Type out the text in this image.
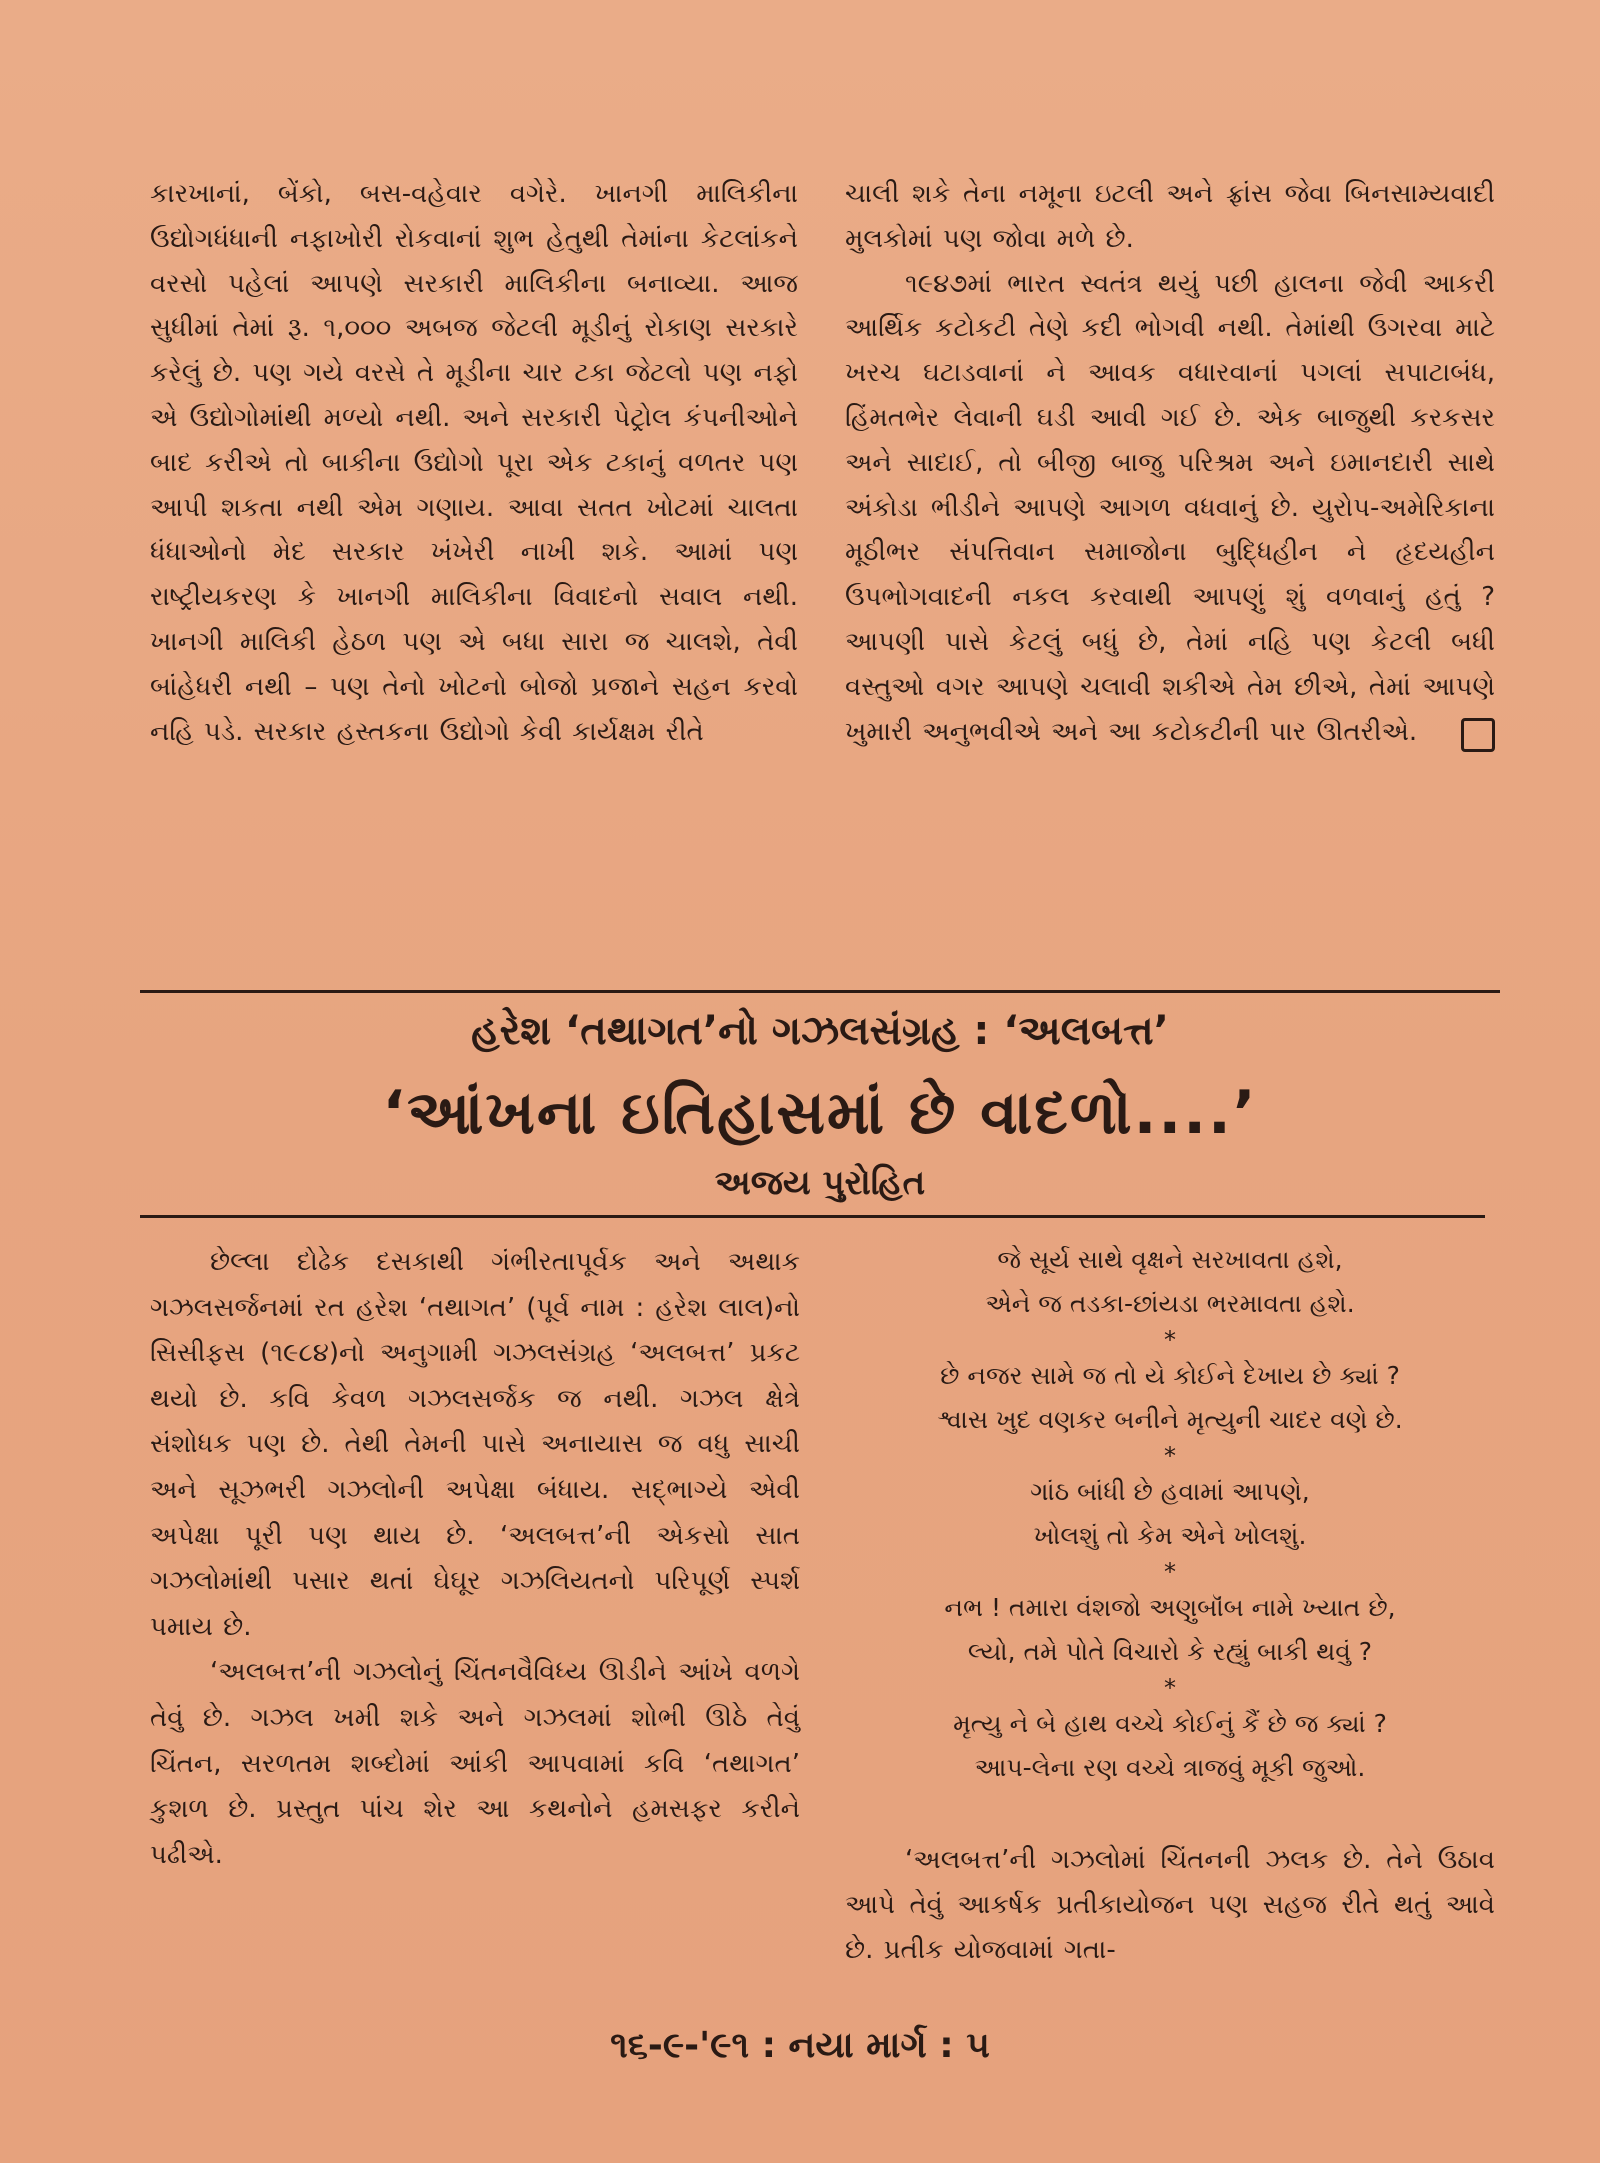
કારખાનાં, બેંકો, બસ-વહેવાર વગેરે. ખાનગી માલિકીના ઉદ્યોગધંધાની નફાખોરી રોકવાનાં શુભ હેતુથી તેમાંના કેટલાંકને વરસો પહેલાં આપણે સરકારી માલિકીના બનાવ્યા. આજ સુધીમાં તેમાં રૂ. ૧,૦૦૦ અબજ જેટલી મૂડીનું રોકાણ સરકારે કરેલું છે. પણ ગયે વરસે તે મૂડીના ચાર ટકા જેટલો પણ નફો એ ઉદ્યોગોમાંથી મળ્યો નથી. અને સરકારી પેટ્રોલ કંપનીઓને બાદ કરીએ તો બાકીના ઉદ્યોગો પૂરા એક ટકાનું વળતર પણ આપી શકતા નથી એમ ગણાય. આવા સતત ખોટમાં ચાલતા ધંધાઓનો મેદ સરકાર ખંખેરી નાખી શકે. આમાં પણ રાષ્ટ્રીયકરણ કે ખાનગી માલિકીના વિવાદનો સવાલ નથી. ખાનગી માલિકી હેઠળ પણ એ બધા સારા જ ચાલશે, તેવી બાંહેધરી નથી – પણ તેનો ખોટનો બોજો પ્રજાને સહન કરવો નહિ પડે. સરકાર હસ્તકના ઉદ્યોગો કેવી કાર્યક્ષમ રીતે

ચાલી શકે તેના નમૂના ઇટલી અને ફ્રાંસ જેવા બિનસામ્યવાદી મુલકોમાં પણ જોવા મળે છે.

૧૯૪૭માં ભારત સ્વતંત્ર થયું પછી હાલના જેવી આકરી આર્થિક કટોકટી તેણે કદી ભોગવી નથી. તેમાંથી ઉગરવા માટે ખરચ ઘટાડવાનાં ને આવક વધારવાનાં પગલાં સપાટાબંધ, હિંમતભેર લેવાની ઘડી આવી ગઈ છે. એક બાજુથી કરકસર અને સાદાઈ, તો બીજી બાજુ પરિશ્રમ અને ઇમાનદારી સાથે અંકોડા ભીડીને આપણે આગળ વધવાનું છે. યુરોપ-અમેરિકાના મૂઠીભર સંપત્તિવાન સમાજોના બુદ્ધિહીન ને હૃદયહીન ઉપભોગવાદની નકલ કરવાથી આપણું શું વળવાનું હતું ? આપણી પાસે કેટલું બધું છે, તેમાં નહિ પણ કેટલી બધી વસ્તુઓ વગર આપણે ચલાવી શકીએ તેમ છીએ, તેમાં આપણે ખુમારી અનુભવીએ અને આ કટોકટીની પાર ઊતરીએ.

હરેશ ‘તથાગત’નો ગઝલસંગ્રહ : ‘અલબત્ત’
‘આંખના ઇતિહાસમાં છે વાદળો....’
અજય પુરોહિત

છેલ્લા દોઢેક દસકાથી ગંભીરતાપૂર્વક અને અથાક ગઝલસર્જનમાં રત હરેશ ‘તથાગત’ (પૂર્વ નામ : હરેશ લાલ)નો સિસીફસ (૧૯૮૪)નો અનુગામી ગઝલસંગ્રહ ‘અલબત્ત’ પ્રકટ થયો છે. કવિ કેવળ ગઝલસર્જક જ નથી. ગઝલ ક્ષેત્રે સંશોધક પણ છે. તેથી તેમની પાસે અનાયાસ જ વધુ સાચી અને સૂઝભરી ગઝલોની અપેક્ષા બંધાય. સદ્ભાગ્યે એવી અપેક્ષા પૂરી પણ થાય છે. ‘અલબત્ત’ની એકસો સાત ગઝલોમાંથી પસાર થતાં ઘેઘૂર ગઝલિયતનો પરિપૂર્ણ સ્પર્શ પમાય છે.

‘અલબત્ત’ની ગઝલોનું ચિંતનવૈવિધ્ય ઊડીને આંખે વળગે તેવું છે. ગઝલ ખમી શકે અને ગઝલમાં શોભી ઊઠે તેવું ચિંતન, સરળતમ શબ્દોમાં આંકી આપવામાં કવિ ‘તથાગત’ કુશળ છે. પ્રસ્તુત પાંચ શેર આ કથનોને હમસફર કરીને પઢીએ.

જે સૂર્ય સાથે વૃક્ષને સરખાવતા હશે,
એને જ તડકા-છાંયડા ભરમાવતા હશે.
*
છે નજર સામે જ તો યે કોઈને દેખાય છે ક્યાં ?
શ્વાસ ખુદ વણકર બનીને મૃત્યુની ચાદર વણે છે.
*
ગાંઠ બાંધી છે હવામાં આપણે,
ખોલશું તો કેમ એને ખોલશું.
*
નભ ! તમારા વંશજો અણુબૉંબ નામે ખ્યાત છે,
લ્યો, તમે પોતે વિચારો કે રહ્યું બાકી થવું ?
*
મૃત્યુ ને બે હાથ વચ્ચે કોઈનું કૈં છે જ ક્યાં ?
આપ-લેના રણ વચ્ચે ત્રાજવું મૂકી જુઓ.

‘અલબત્ત’ની ગઝલોમાં ચિંતનની ઝલક છે. તેને ઉઠાવ આપે તેવું આકર્ષક પ્રતીકાયોજન પણ સહજ રીતે થતું આવે છે. પ્રતીક યોજવામાં ગતા-

૧૬-૯-'૯૧ : નયા માર્ગ : ૫
